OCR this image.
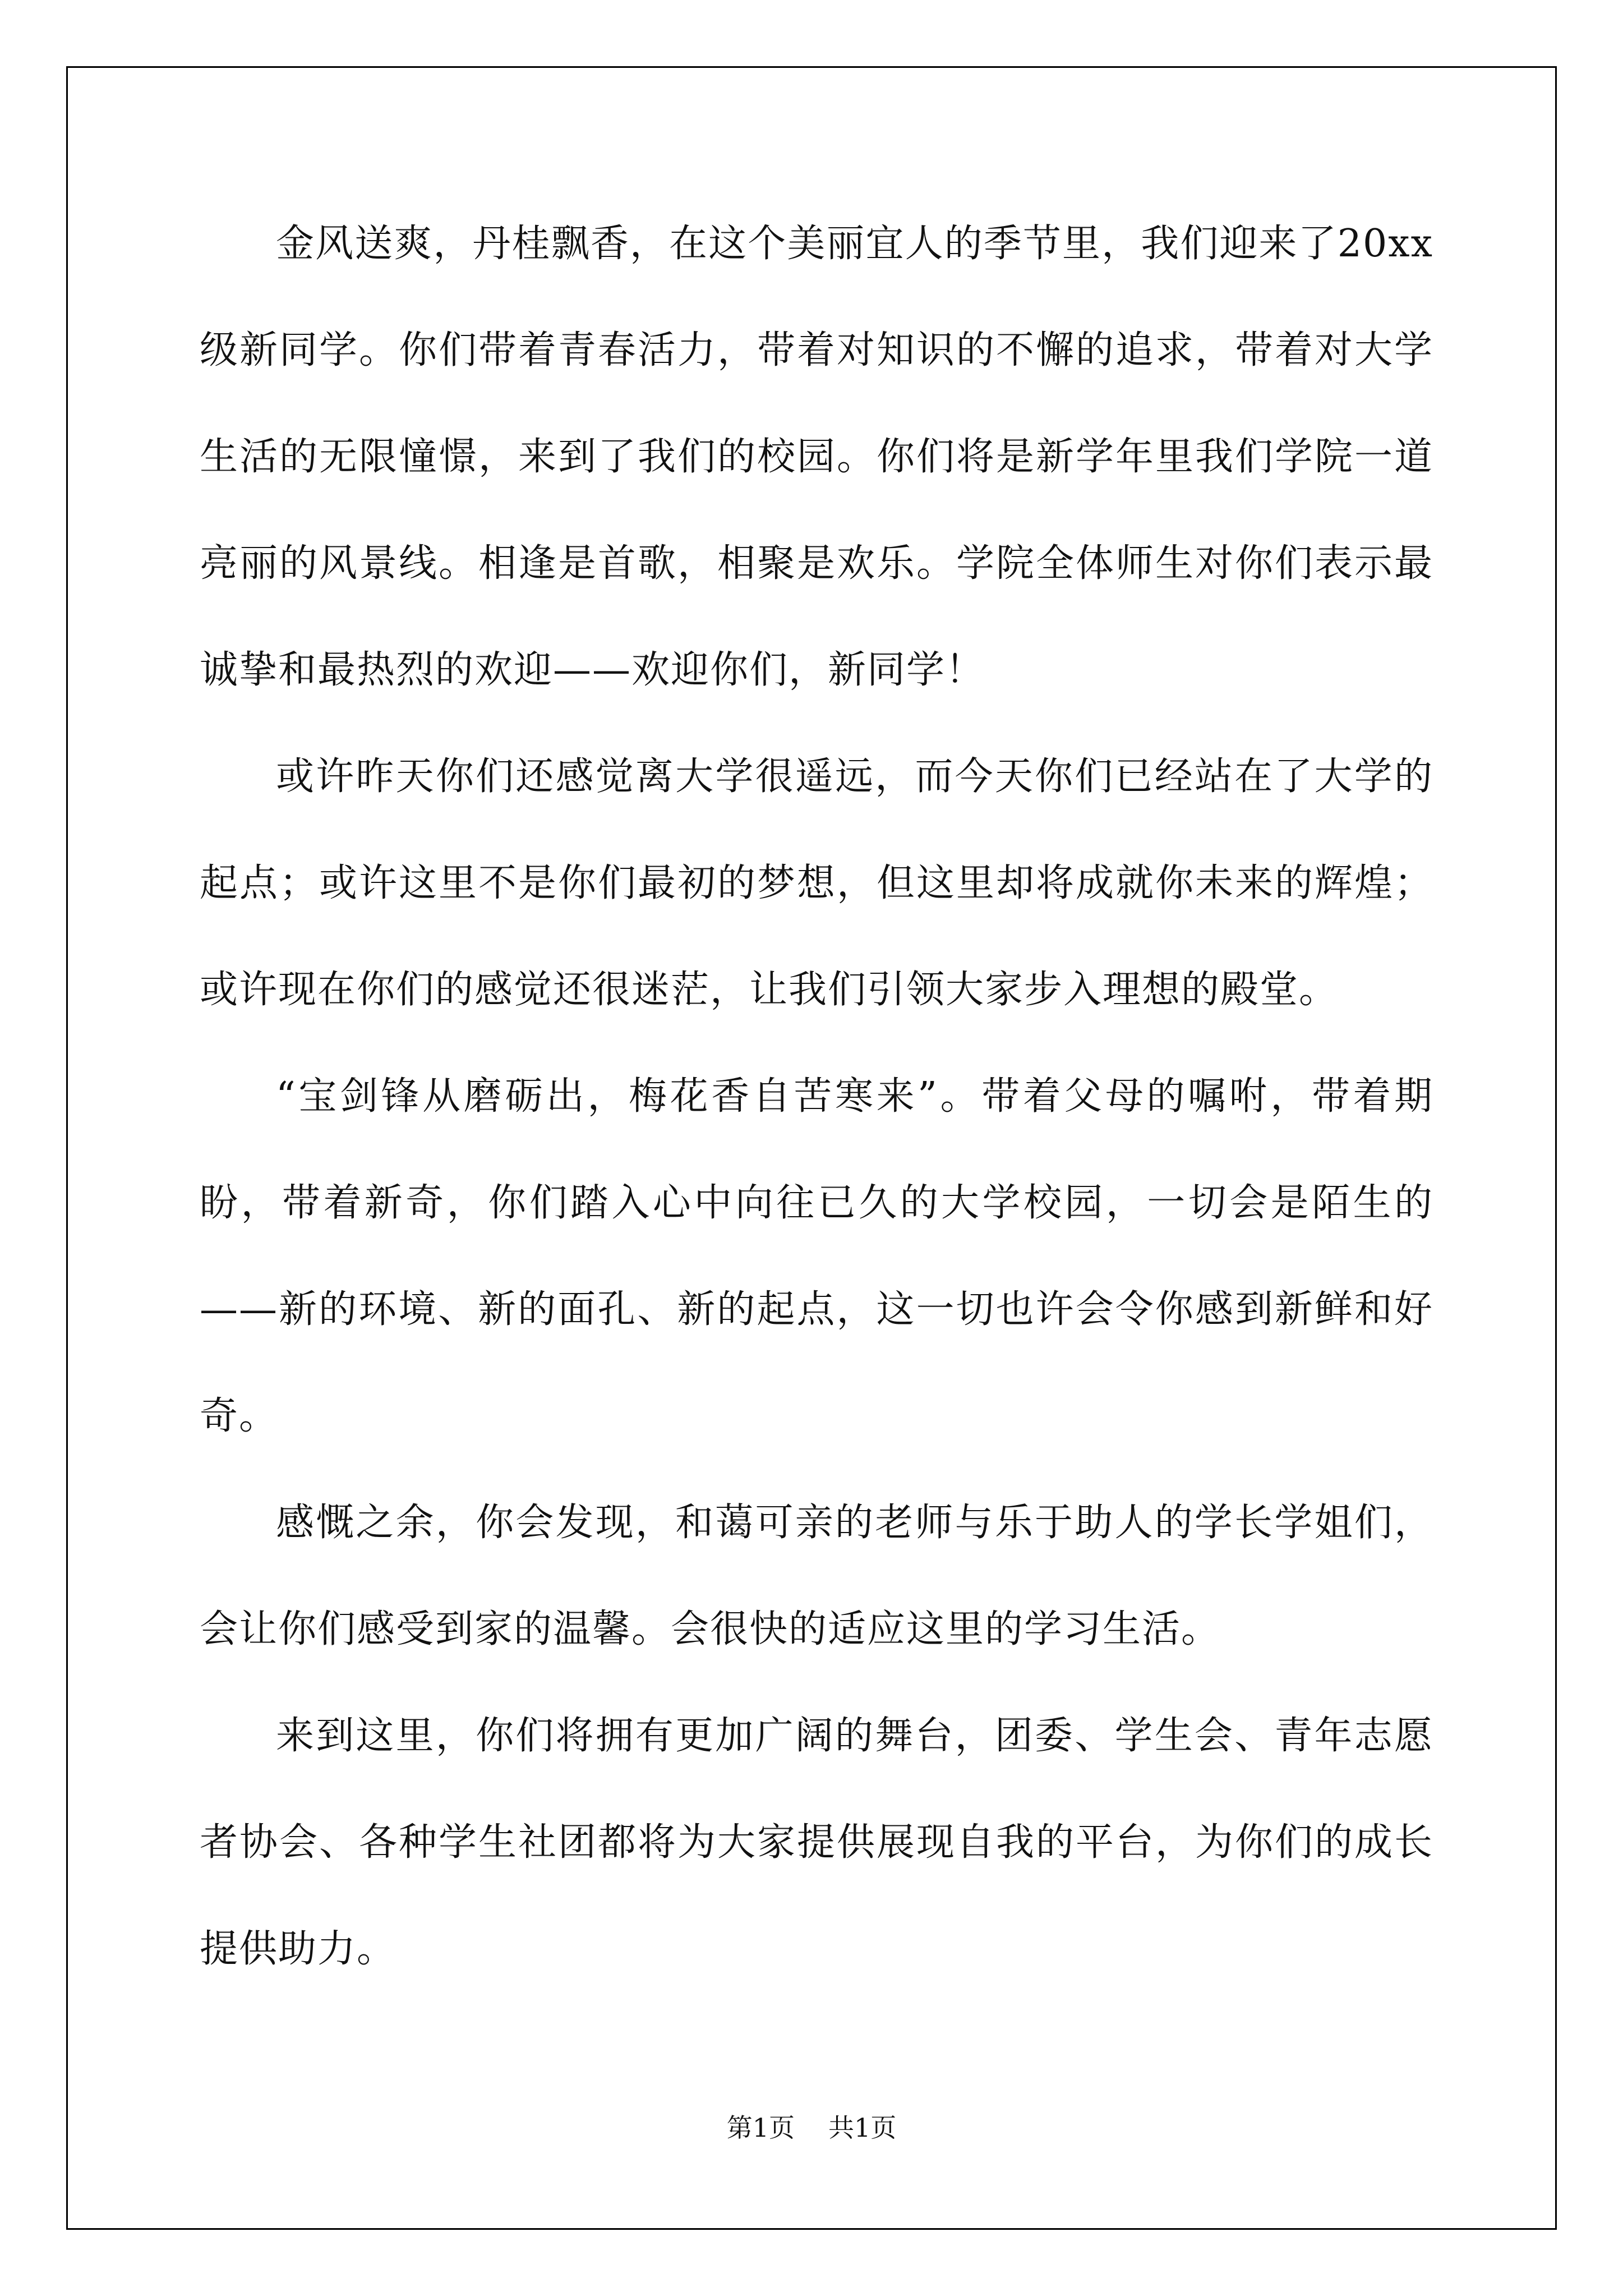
金风送爽，丹桂飘香，在这个美丽宜人的季节里，我们迎来了20xx级新同学。你们带着青春活力，带着对知识的不懈的追求，带着对大学生活的无限憧憬，来到了我们的校园。你们将是新学年里我们学院一道亮丽的风景线。相逢是首歌，相聚是欢乐。学院全体师生对你们表示最诚挚和最热烈的欢迎——欢迎你们，新同学！

或许昨天你们还感觉离大学很遥远，而今天你们已经站在了大学的起点；或许这里不是你们最初的梦想，但这里却将成就你未来的辉煌；或许现在你们的感觉还很迷茫，让我们引领大家步入理想的殿堂。

“宝剑锋从磨砺出，梅花香自苦寒来”。带着父母的嘱咐，带着期盼，带着新奇，你们踏入心中向往已久的大学校园，一切会是陌生的——新的环境、新的面孔、新的起点，这一切也许会令你感到新鲜和好奇。

感慨之余，你会发现，和蔼可亲的老师与乐于助人的学长学姐们，会让你们感受到家的温馨。会很快的适应这里的学习生活。

来到这里，你们将拥有更加广阔的舞台，团委、学生会、青年志愿者协会、各种学生社团都将为大家提供展现自我的平台，为你们的成长提供助力。

第1页 共1页
